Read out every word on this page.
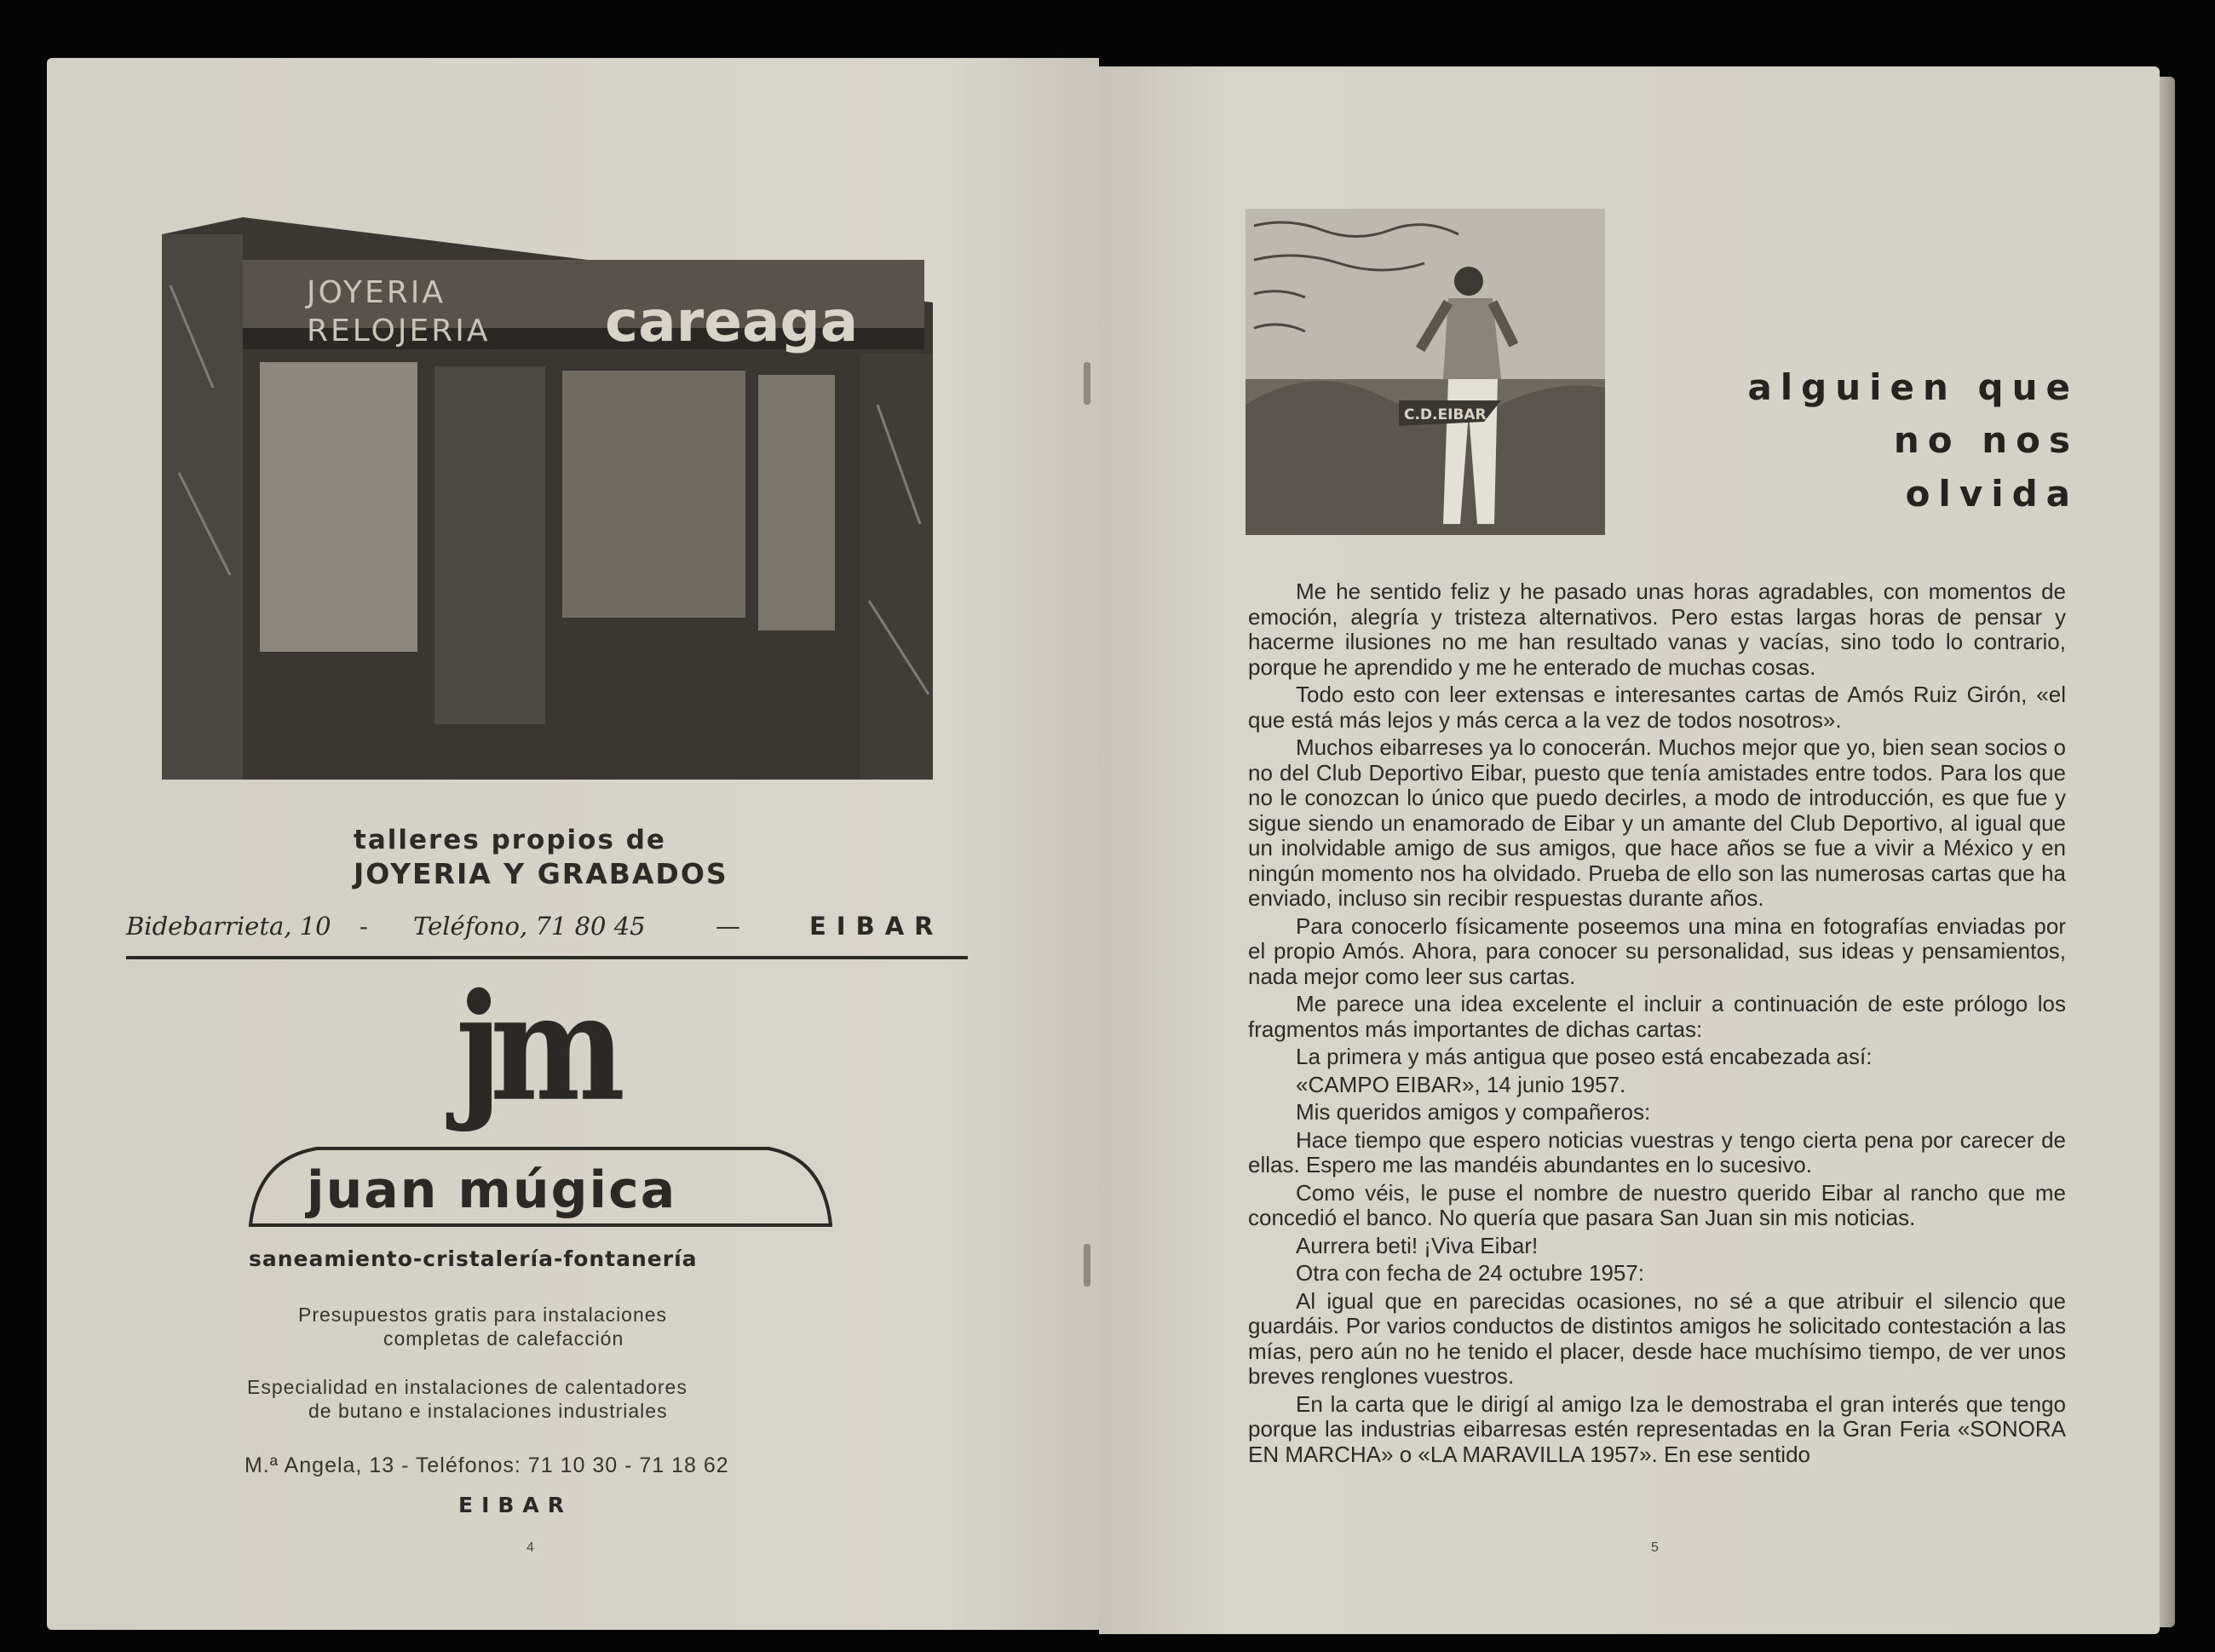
JOYERIA
RELOJERIA careaga
talleres propios de
JOYERIA Y GRABADOS
Bidebarrieta, 10 - Teléfono, 71 80 45	—	EIBAR
jm
juan múgica
saneamiento-cristalería-fontanería
Presupuestos gratis para instalaciones
completas de calefacción
Especialidad en instalaciones de calentadores
de butano e instalaciones industriales
M.ª Angela, 13 - Teléfonos: 71 10 30 - 71 18 62
EIBAR
4
C.D.EIBAR
alguien que
no nos
olvida

Me he sentido feliz y he pasado unas horas agradables, con momentos de emoción, alegría y tristeza alternativos. Pero estas largas horas de pensar y hacerme ilusiones no me han resultado vanas y vacías, sino todo lo contrario, porque he aprendido y me he enterado de muchas cosas.

Todo esto con leer extensas e interesantes cartas de Amós Ruiz Girón, «el que está más lejos y más cerca a la vez de todos nosotros».

Muchos eibarreses ya lo conocerán. Muchos mejor que yo, bien sean socios o no del Club Deportivo Eibar, puesto que tenía amistades entre todos. Para los que no le conozcan lo único que puedo decirles, a modo de introducción, es que fue y sigue siendo un enamorado de Eibar y un amante del Club Deportivo, al igual que un inolvidable amigo de sus amigos, que hace años se fue a vivir a México y en ningún momento nos ha olvidado. Prueba de ello son las numerosas cartas que ha enviado, incluso sin recibir respuestas durante años.

Para conocerlo físicamente poseemos una mina en fotografías enviadas por el propio Amós. Ahora, para conocer su personalidad, sus ideas y pensamientos, nada mejor como leer sus cartas.

Me parece una idea excelente el incluir a continuación de este prólogo los fragmentos más importantes de dichas cartas:

La primera y más antigua que poseo está encabezada así:

«CAMPO EIBAR», 14 junio 1957.

Mis queridos amigos y compañeros:

Hace tiempo que espero noticias vuestras y tengo cierta pena por carecer de ellas. Espero me las mandéis abundantes en lo sucesivo.

Como véis, le puse el nombre de nuestro querido Eibar al rancho que me concedió el banco. No quería que pasara San Juan sin mis noticias.

Aurrera beti! ¡Viva Eibar!

Otra con fecha de 24 octubre 1957:

Al igual que en parecidas ocasiones, no sé a que atribuir el silencio que guardáis. Por varios conductos de distintos amigos he solicitado contestación a las mías, pero aún no he tenido el placer, desde hace muchísimo tiempo, de ver unos breves renglones vuestros.

En la carta que le dirigí al amigo Iza le demostraba el gran interés que tengo porque las industrias eibarresas estén representadas en la Gran Feria «SONORA EN MARCHA» o «LA MARAVILLA 1957». En ese sentido

5
